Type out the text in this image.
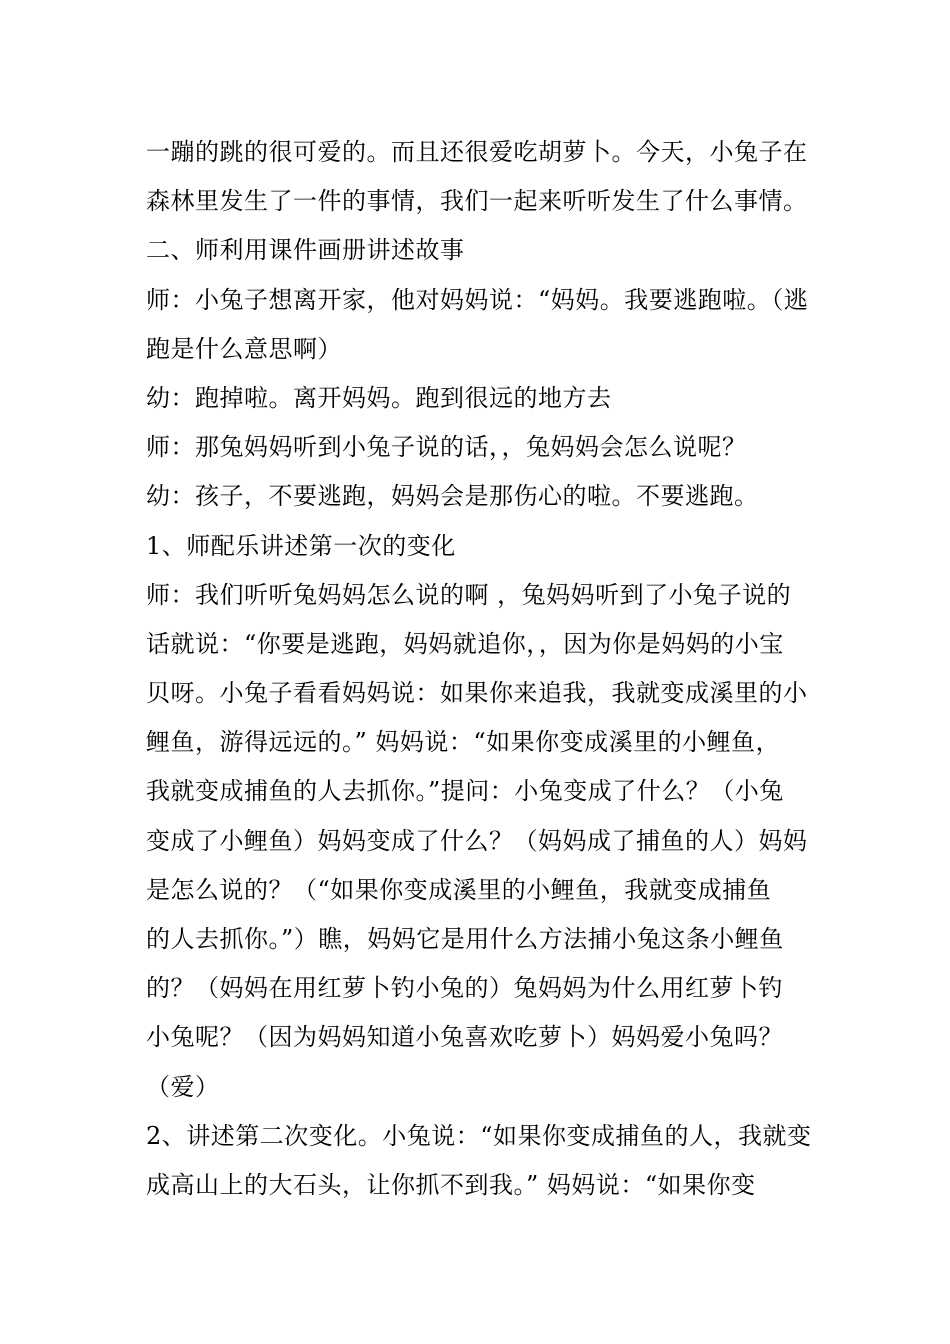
一蹦的跳的很可爱的。而且还很爱吃胡萝卜。今天，小兔子在
森林里发生了一件的事情，我们一起来听听发生了什么事情。
二、师利用课件画册讲述故事
师：小兔子想离开家，他对妈妈说：“妈妈。我要逃跑啦。（逃
跑是什么意思啊）
幼：跑掉啦。离开妈妈。跑到很远的地方去
师：那兔妈妈听到小兔子说的话，，兔妈妈会怎么说呢？
幼：孩子，不要逃跑，妈妈会是那伤心的啦。不要逃跑。
1、师配乐讲述第一次的变化
师：我们听听兔妈妈怎么说的啊 ，兔妈妈听到了小兔子说的
话就说：“你要是逃跑，妈妈就追你，，因为你是妈妈的小宝
贝呀。小兔子看看妈妈说：如果你来追我，我就变成溪里的小
鲤鱼，游得远远的。” 妈妈说：“如果你变成溪里的小鲤鱼，
我就变成捕鱼的人去抓你。”提问：小兔变成了什么？（小兔
变成了小鲤鱼）妈妈变成了什么？（妈妈成了捕鱼的人）妈妈
是怎么说的？（“如果你变成溪里的小鲤鱼，我就变成捕鱼
的人去抓你。”）瞧，妈妈它是用什么方法捕小兔这条小鲤鱼
的？（妈妈在用红萝卜钓小兔的）兔妈妈为什么用红萝卜钓
小兔呢？（因为妈妈知道小兔喜欢吃萝卜）妈妈爱小兔吗？
（爱）
2、讲述第二次变化。小兔说：“如果你变成捕鱼的人，我就变
成高山上的大石头，让你抓不到我。” 妈妈说：“如果你变
